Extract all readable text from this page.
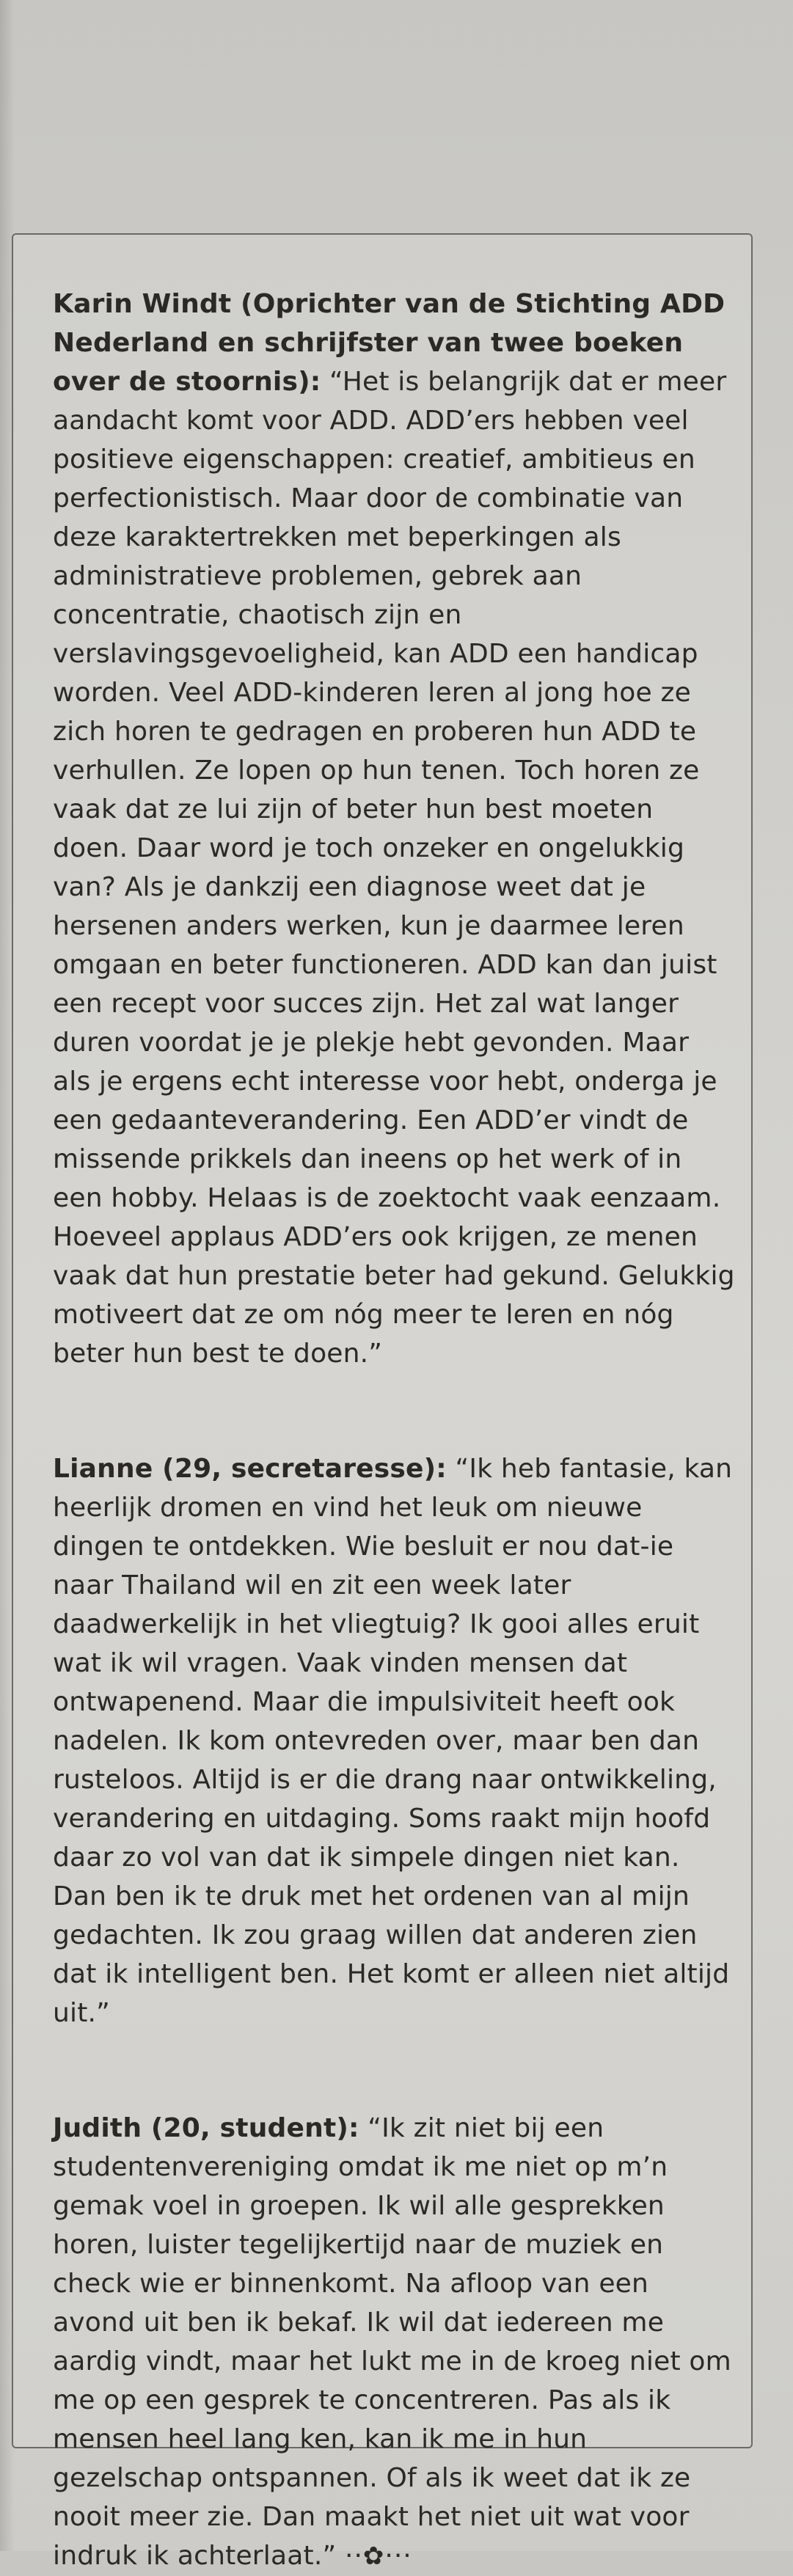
Karin Windt (Oprichter van de Stichting ADD Nederland en schrijfster van twee boeken over de stoornis): “Het is belangrijk dat er meer aandacht komt voor ADD. ADD’ers hebben veel positieve eigenschappen: creatief, ambitieus en perfectionistisch. Maar door de combinatie van deze karaktertrekken met beperkingen als administratieve problemen, gebrek aan concentratie, chaotisch zijn en verslavingsgevoeligheid, kan ADD een handicap worden. Veel ADD-kinderen leren al jong hoe ze zich horen te gedragen en proberen hun ADD te verhullen. Ze lopen op hun tenen. Toch horen ze vaak dat ze lui zijn of beter hun best moeten doen. Daar word je toch onzeker en ongelukkig van? Als je dankzij een diagnose weet dat je hersenen anders werken, kun je daarmee leren omgaan en beter functioneren. ADD kan dan juist een recept voor succes zijn. Het zal wat langer duren voordat je je plekje hebt gevonden. Maar als je ergens echt interesse voor hebt, onderga je een gedaanteverandering. Een ADD’er vindt de missende prikkels dan ineens op het werk of in een hobby. Helaas is de zoektocht vaak eenzaam. Hoeveel applaus ADD’ers ook krijgen, ze menen vaak dat hun prestatie beter had gekund. Gelukkig motiveert dat ze om nóg meer te leren en nóg beter hun best te doen.”

Lianne (29, secretaresse): “Ik heb fantasie, kan heerlijk dromen en vind het leuk om nieuwe dingen te ontdekken. Wie besluit er nou dat-ie naar Thailand wil en zit een week later daadwerkelijk in het vliegtuig? Ik gooi alles eruit wat ik wil vragen. Vaak vinden mensen dat ontwapenend. Maar die impulsiviteit heeft ook nadelen. Ik kom ontevreden over, maar ben dan rusteloos. Altijd is er die drang naar ontwikkeling, verandering en uitdaging. Soms raakt mijn hoofd daar zo vol van dat ik simpele dingen niet kan. Dan ben ik te druk met het ordenen van al mijn gedachten. Ik zou graag willen dat anderen zien dat ik intelligent ben. Het komt er alleen niet altijd uit.”

Judith (20, student): “Ik zit niet bij een studentenvereniging omdat ik me niet op m’n gemak voel in groepen. Ik wil alle gesprekken horen, luister tegelijkertijd naar de muziek en check wie er binnenkomt. Na afloop van een avond uit ben ik bekaf. Ik wil dat iedereen me aardig vindt, maar het lukt me in de kroeg niet om me op een gesprek te concentreren. Pas als ik mensen heel lang ken, kan ik me in hun gezelschap ontspannen. Of als ik weet dat ik ze nooit meer zie. Dan maakt het niet uit wat voor indruk ik achterlaat.” ··✿···
